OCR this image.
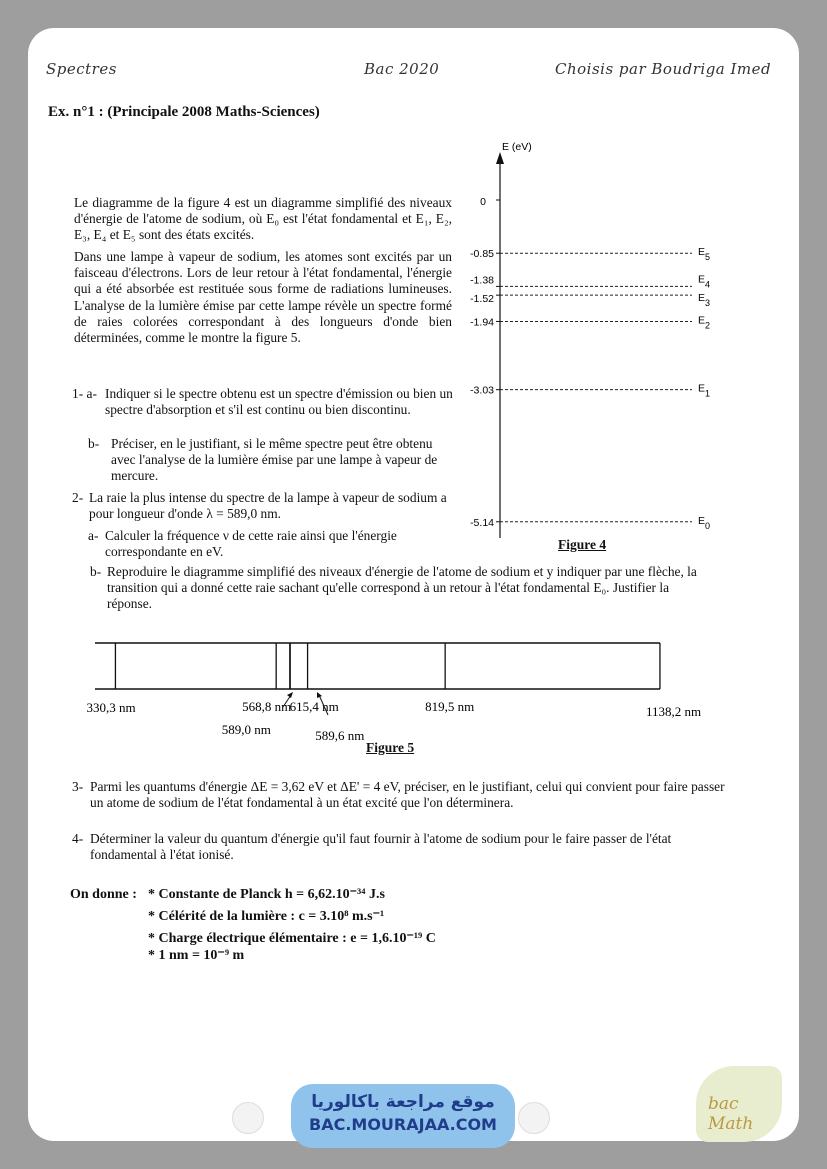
Spectres	Bac 2020	Choisis par Boudriga Imed
Ex. n°1 : (Principale 2008 Maths-Sciences)
Le diagramme de la figure 4 est un diagramme simplifié des niveaux d'énergie de l'atome de sodium, où E₀ est l'état fondamental et E₁, E₂, E₃, E₄ et E₅ sont des états excités.
Dans une lampe à vapeur de sodium, les atomes sont excités par un faisceau d'électrons. Lors de leur retour à l'état fondamental, l'énergie qui a été absorbée est restituée sous forme de radiations lumineuses. L'analyse de la lumière émise par cette lampe révèle un spectre formé de raies colorées correspondant à des longueurs d'onde bien déterminées, comme le montre la figure 5.
1- a- Indiquer si le spectre obtenu est un spectre d'émission ou bien un spectre d'absorption et s'il est continu ou bien discontinu.
b- Préciser, en le justifiant, si le même spectre peut être obtenu avec l'analyse de la lumière émise par une lampe à vapeur de mercure.
2- La raie la plus intense du spectre de la lampe à vapeur de sodium a pour longueur d'onde λ = 589,0 nm.
a- Calculer la fréquence ν de cette raie ainsi que l'énergie correspondante en eV.
b- Reproduire le diagramme simplifié des niveaux d'énergie de l'atome de sodium et y indiquer par une flèche, la transition qui a donné cette raie sachant qu'elle correspond à un retour à l'état fondamental E₀. Justifier la réponse.
E (eV)
0
-0.85	E5
-1.38	E4
-1.52	E3
-1.94	E2
-3.03	E1
-5.14	E0
Figure 4
330,3 nm	568,8 nm
589,0 nm	589,6 nm
615,4 nm	819,5 nm	1138,2 nm
Figure 5
3- Parmi les quantums d'énergie ΔE = 3,62 eV et ΔE' = 4 eV, préciser, en le justifiant, celui qui convient pour faire passer un atome de sodium de l'état fondamental à un état excité que l'on déterminera.
4- Déterminer la valeur du quantum d'énergie qu'il faut fournir à l'atome de sodium pour le faire passer de l'état fondamental à l'état ionisé.
On donne : * Constante de Planck h = 6,62.10⁻³⁴ J.s
* Célérité de la lumière : c = 3.10⁸ m.s⁻¹
* Charge électrique élémentaire : e = 1,6.10⁻¹⁹ C
* 1 nm = 10⁻⁹ m
موقع مراجعة باكالوريا
BAC.MOURAJAA.COM
bac Math
